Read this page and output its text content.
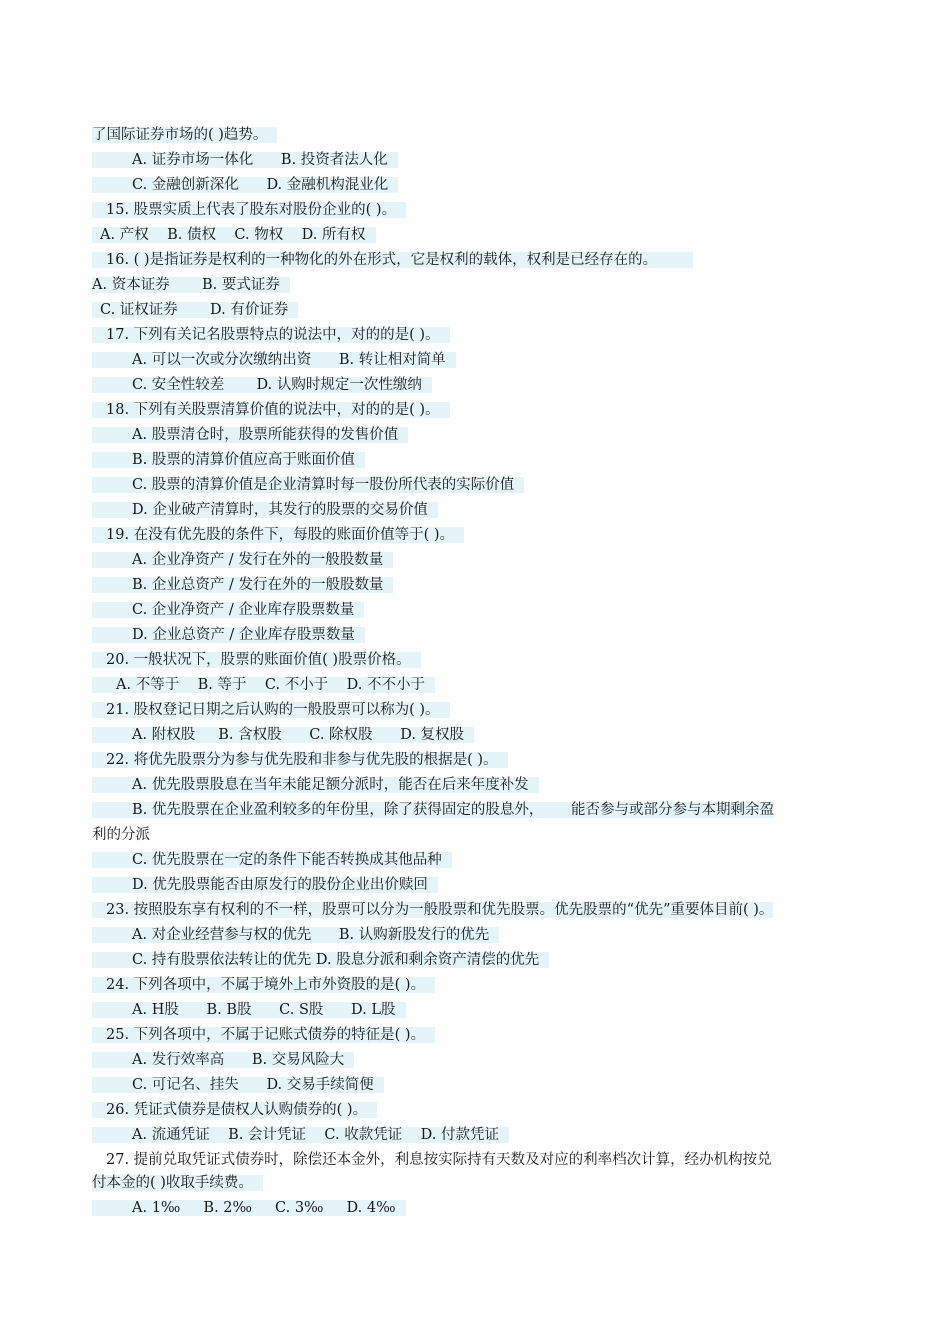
了国际证券市场的( )趋势。
A. 证券市场一体化      B. 投资者法人化
C. 金融创新深化      D. 金融机构混业化
15. 股票实质上代表了股东对股份企业的( )。
A. 产权    B. 债权    C. 物权    D. 所有权
16. ( )是指证券是权利的一种物化的外在形式，它是权利的载体，权利是已经存在的。
A. 资本证券       B. 要式证券
C. 证权证券       D. 有价证券
17. 下列有关记名股票特点的说法中，对的的是( )。
A. 可以一次或分次缴纳出资      B. 转让相对简单
C. 安全性较差       D. 认购时规定一次性缴纳
18. 下列有关股票清算价值的说法中，对的的是( )。
A. 股票清仓时，股票所能获得的发售价值
B. 股票的清算价值应高于账面价值
C. 股票的清算价值是企业清算时每一股份所代表的实际价值
D. 企业破产清算时，其发行的股票的交易价值
19. 在没有优先股的条件下，每股的账面价值等于( )。
A. 企业净资产 / 发行在外的一般股数量
B. 企业总资产 / 发行在外的一般股数量
C. 企业净资产 / 企业库存股票数量
D. 企业总资产 / 企业库存股票数量
20. 一般状况下，股票的账面价值( )股票价格。
A. 不等于    B. 等于    C. 不小于    D. 不不小于
21. 股权登记日期之后认购的一般股票可以称为( )。
A. 附权股     B. 含权股      C. 除权股      D. 复权股
22. 将优先股票分为参与优先股和非参与优先股的根据是( )。
A. 优先股票股息在当年未能足额分派时，能否在后来年度补发
B. 优先股票在企业盈利较多的年份里，除了获得固定的股息外，      能否参与或部分参与本期剩余盈
利的分派
C. 优先股票在一定的条件下能否转换成其他品种
D. 优先股票能否由原发行的股份企业出价赎回
23. 按照股东享有权利的不一样，股票可以分为一般股票和优先股票。优先股票的“优先”重要体目前( )。
A. 对企业经营参与权的优先      B. 认购新股发行的优先
C. 持有股票依法转让的优先 D. 股息分派和剩余资产清偿的优先
24. 下列各项中，不属于境外上市外资股的是( )。
A. H股      B. B股      C. S股      D. L股
25. 下列各项中，不属于记账式债券的特征是( )。
A. 发行效率高      B. 交易风险大
C. 可记名、挂失      D. 交易手续简便
26. 凭证式债券是债权人认购债券的( )。
A. 流通凭证    B. 会计凭证    C. 收款凭证    D. 付款凭证
27. 提前兑取凭证式债券时，除偿还本金外，利息按实际持有天数及对应的利率档次计算，经办机构按兑
付本金的( )收取手续费。
A. 1‰     B. 2‰     C. 3‰     D. 4‰
